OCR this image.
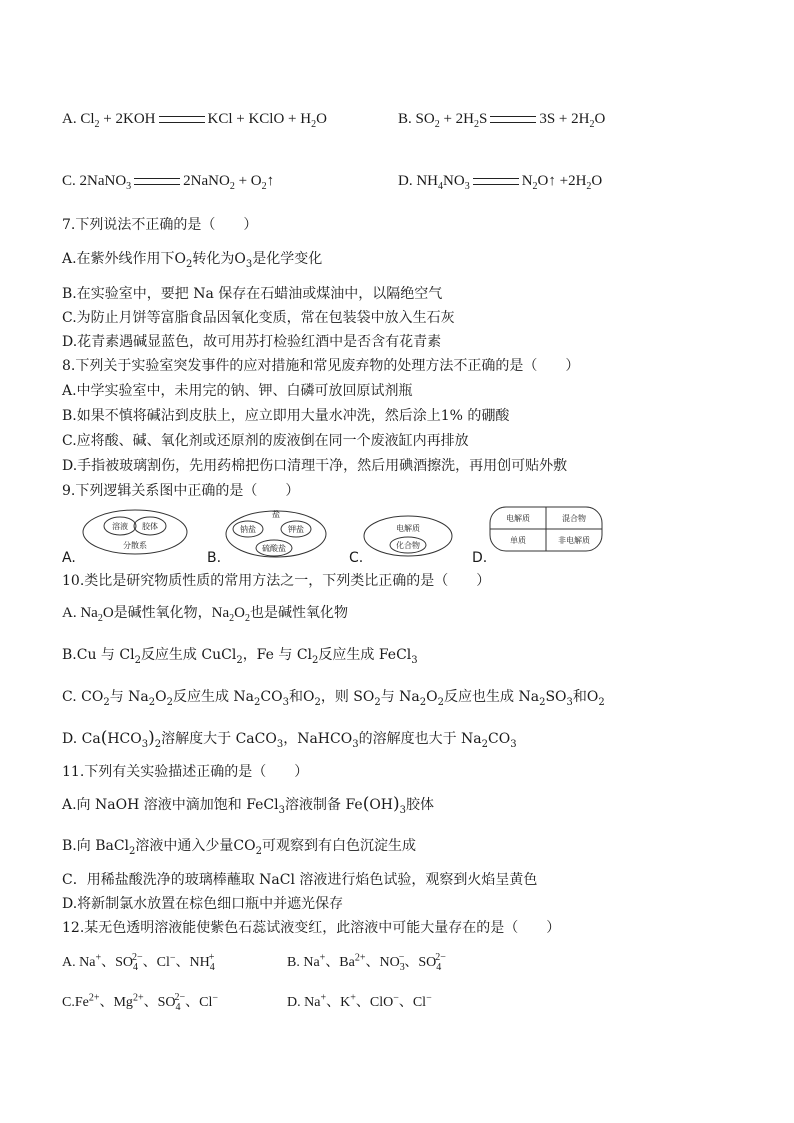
A. $Cl_2 + 2KOH$	KCl + KClO + $H_2O$	B. $SO_2 + 2H_2S$	$3S + 2H_2O$
C. 2NaNO$_3$	2NaNO$_2$ + $O_2↑$	D. $NH_4NO_3$	$N_2O↑ +2H_2O$
7.下列说法不正确的是（　　）
A.在紫外线作用下$O_2$转化为$O_3$是化学变化
B.在实验室中，要把 Na 保存在石蜡油或煤油中，以隔绝空气
C.为防止月饼等富脂食品因氧化变质，常在包装袋中放入生石灰
D.花青素遇碱显蓝色，故可用苏打检验红酒中是否含有花青素
8.下列关于实验室突发事件的应对措施和常见废弃物的处理方法不正确的是（　　）
A.中学实验室中，未用完的钠、钾、白磷可放回原试剂瓶
B.如果不慎将碱沾到皮肤上，应立即用大量水冲洗，然后涂上1% 的硼酸
C.应将酸、碱、氧化剂或还原剂的废液倒在同一个废液缸内再排放
D.手指被玻璃割伤，先用药棉把伤口清理干净，然后用碘酒擦洗，再用创可贴外敷
9.下列逻辑关系图中正确的是（　　）
A.
溶液 胶体
分散系
B.
盐
钠盐	钾盐
硫酸盐
C.
电解质
化合物
D.
电解质	混合物
单质	非电解质
10.类比是研究物质性质的常用方法之一，下列类比正确的是（　　）
A. $Na_2O$是碱性氧化物，$Na_2O_2$也是碱性氧化物
B.Cu 与 $Cl_2$反应生成 CuCl$_2$，Fe 与 $Cl_2$反应生成 FeCl$_3$
C. $CO_2$与 $Na_2O_2$反应生成 $Na_2CO_3$和$O_2$，则 $SO_2$与 $Na_2O_2$反应也生成 $Na_2SO_3$和$O_2$
D. $Ca(HCO_3)_2$溶解度大于 CaCO$_3$，NaHCO$_3$的溶解度也大于 $Na_2CO_3$
11.下列有关实验描述正确的是（　　）
A.向 NaOH 溶液中滴加饱和 FeCl$_3$溶液制备 $Fe(OH)_3$胶体
B.向 BaCl$_2$溶液中通入少量$CO_2$可观察到有白色沉淀生成
C．用稀盐酸洗净的玻璃棒蘸取 NaCl 溶液进行焰色试验，观察到火焰呈黄色
D.将新制氯水放置在棕色细口瓶中并遮光保存
12.某无色透明溶液能使紫色石蕊试液变红，此溶液中可能大量存在的是（　　）
A. Na+、$SO_4^{2-}$、Cl−、$NH_4^+$	B. Na+、$Ba^{2+}$、$NO_3^-$、$SO_4^{2-}$
$C.Fe^{2+}$、$Mg^{2+}$、$SO_4^{2-}$、Cl−	D. Na+、K+、ClO−、Cl−
